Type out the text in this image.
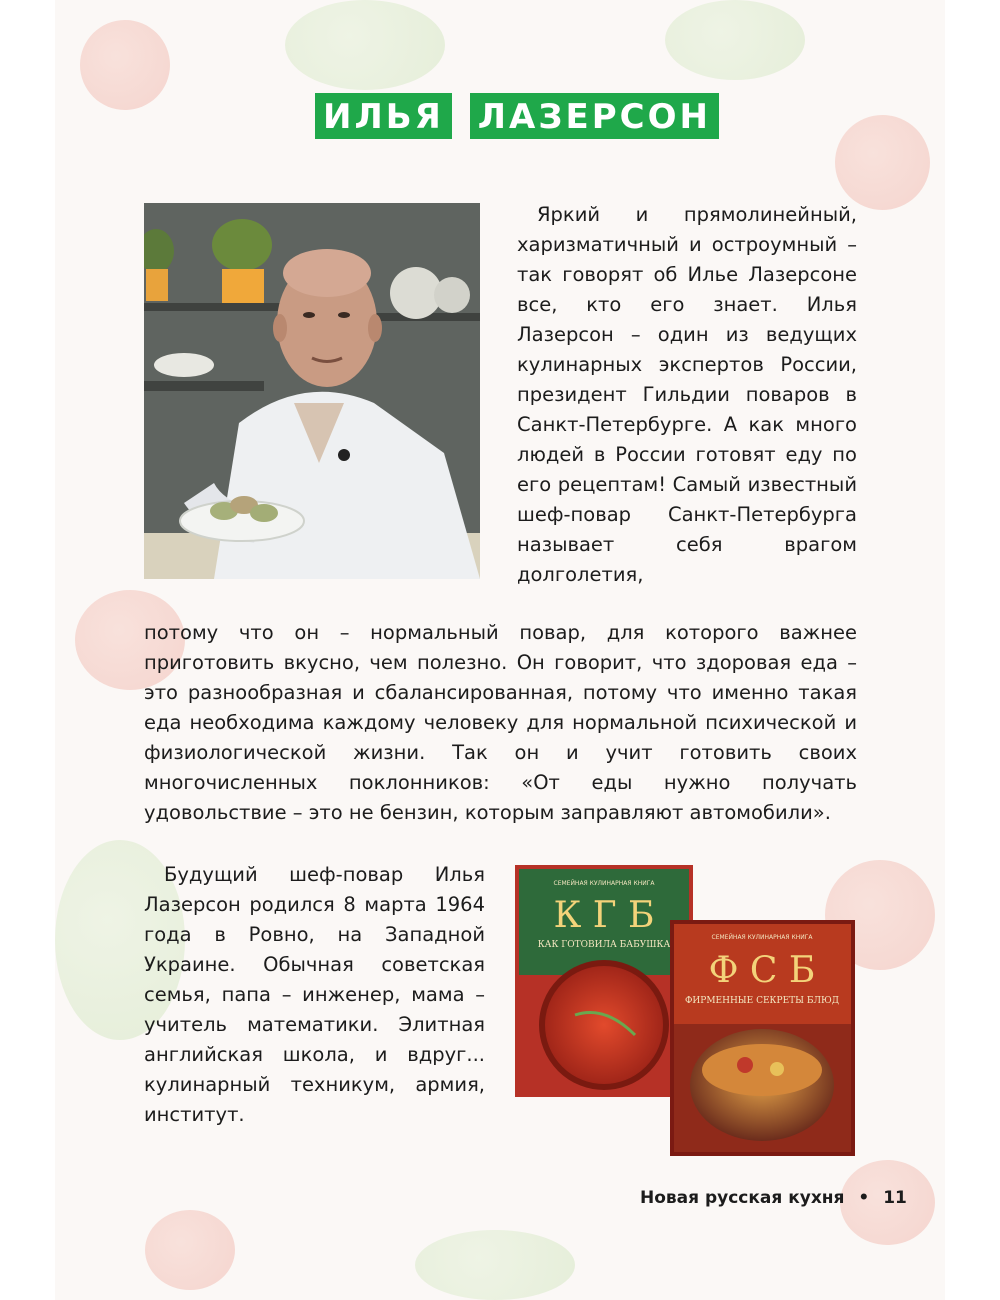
ИЛЬЯ ЛАЗЕРСОН

Яркий и прямолинейный, харизматичный и остроумный – так говорят об Илье Лазерсоне все, кто его знает. Илья Лазерсон – один из ведущих кулинарных экспертов России, президент Гильдии поваров в Санкт-Петербурге. А как много людей в России готовят еду по его рецептам! Самый известный шеф-повар Санкт-Петербурга называет себя врагом долголетия,

потому что он – нормальный повар, для которого важнее приготовить вкусно, чем полезно. Он говорит, что здоровая еда – это разнообразная и сбалансированная, потому что именно такая еда необходима каждому человеку для нормальной психической и физиологической жизни. Так он и учит готовить своих многочисленных поклонников: «От еды нужно получать удовольствие – это не бензин, которым заправляют автомобили».

Будущий шеф-повар Илья Лазерсон родился 8 марта 1964 года в Ровно, на Западной Украине. Обычная советская семья, папа – инженер, мама – учитель математики. Элитная английская школа, и вдруг... кулинарный техникум, армия, институт.

СЕМЕЙНАЯ КУЛИНАРНАЯ КНИГА
К Г Б
КАК ГОТОВИЛА БАБУШКА
СЕМЕЙНАЯ КУЛИНАРНАЯ КНИГА
Ф С Б
ФИРМЕННЫЕ СЕКРЕТЫ БЛЮД
Новая русская кухня • 11
